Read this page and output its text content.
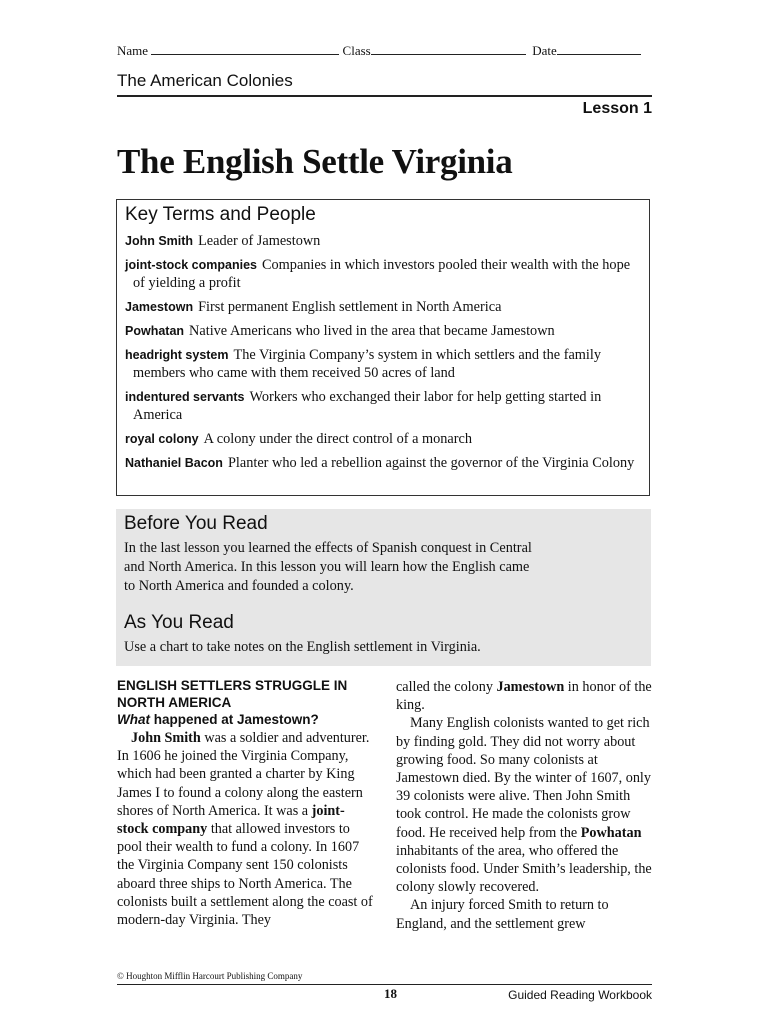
Name	Class	Date
The American Colonies
Lesson 1
The English Settle Virginia
Key Terms and People
John Smith Leader of Jamestown
joint-stock companies Companies in which investors pooled their wealth with the hope of yielding a profit
Jamestown First permanent English settlement in North America
Powhatan Native Americans who lived in the area that became Jamestown
headright system The Virginia Company’s system in which settlers and the family members who came with them received 50 acres of land
indentured servants Workers who exchanged their labor for help getting started in America
royal colony A colony under the direct control of a monarch
Nathaniel Bacon Planter who led a rebellion against the governor of the Virginia Colony
Before You Read

In the last lesson you learned the effects of Spanish conquest in Central and North America. In this lesson you will learn how the English came to North America and founded a colony.

As You Read

Use a chart to take notes on the English settlement in Virginia.

ENGLISH SETTLERS STRUGGLE IN NORTH AMERICA

What happened at Jamestown?

John Smith was a soldier and adventurer. In 1606 he joined the Virginia Company, which had been granted a charter by King James I to found a colony along the eastern shores of North America. It was a joint-stock company that allowed investors to pool their wealth to fund a colony. In 1607 the Virginia Company sent 150 colonists aboard three ships to North America. The colonists built a settlement along the coast of modern-day Virginia. They

called the colony Jamestown in honor of the king.

Many English colonists wanted to get rich by finding gold. They did not worry about growing food. So many colonists at Jamestown died. By the winter of 1607, only 39 colonists were alive. Then John Smith took control. He made the colonists grow food. He received help from the Powhatan inhabitants of the area, who offered the colonists food. Under Smith’s leadership, the colony slowly recovered.

An injury forced Smith to return to England, and the settlement grew

© Houghton Mifflin Harcourt Publishing Company
18	Guided Reading Workbook
